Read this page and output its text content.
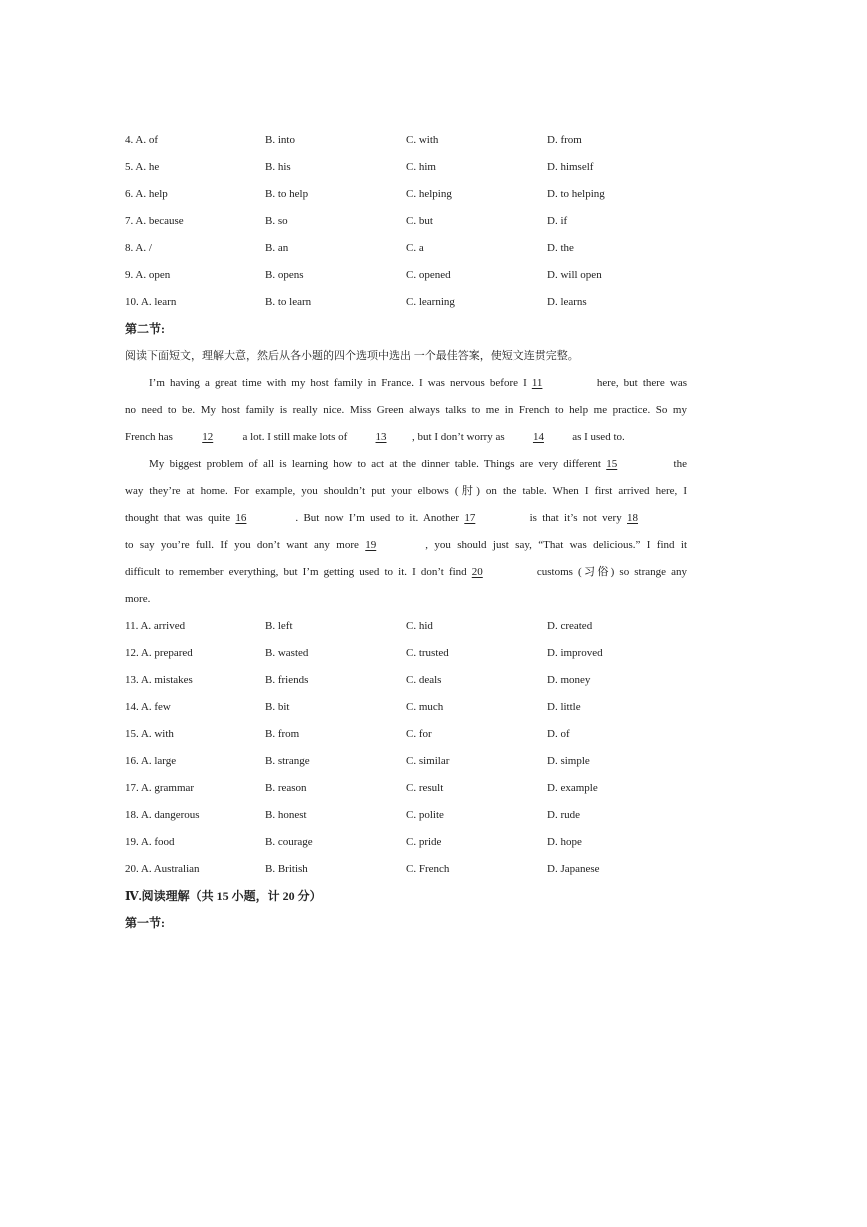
4. A. of	B. into	C. with	D. from
5. A. he	B. his	C. him	D. himself
6. A. help	B. to help	C. helping	D. to helping
7. A. because	B. so	C. but	D. if
8. A. /	B. an	C. a	D. the
9. A. open	B. opens	C. opened	D. will open
10. A. learn	B. to learn	C. learning	D. learns
第二节:
阅读下面短文，理解大意，然后从各小题的四个选项中选出 一个最佳答案，使短文连贯完整。
I’m having a great time with my host family in France. I was nervous before I 11	here, but there was
no need to be. My host family is really nice. Miss Green always talks to me in French to help me practice. So my
French has 12 a lot. I still make lots of 13 , but I don’t worry as 14 as I used to.
My biggest problem of all is learning how to act at the dinner table. Things are very different 15	the
way they’re at home. For example, you shouldn’t put your elbows (肘) on the table. When I first arrived here, I
thought that was quite 16	. But now I’m used to it. Another 17	is that it’s not very 18
to say you’re full. If you don’t want any more 19	, you should just say, “That was delicious.” I find it
difficult to remember everything, but I’m getting used to it. I don’t find 20	customs (习俗) so strange any
more.
11. A. arrived	B. left	C. hid	D. created
12. A. prepared	B. wasted	C. trusted	D. improved
13. A. mistakes	B. friends	C. deals	D. money
14. A. few	B. bit	C. much	D. little
15. A. with	B. from	C. for	D. of
16. A. large	B. strange	C. similar	D. simple
17. A. grammar	B. reason	C. result	D. example
18. A. dangerous	B. honest	C. polite	D. rude
19. A. food	B. courage	C. pride	D. hope
20. A. Australian	B. British	C. French	D. Japanese
Ⅳ.阅读理解（共 15 小题，计 20 分）
第一节:
